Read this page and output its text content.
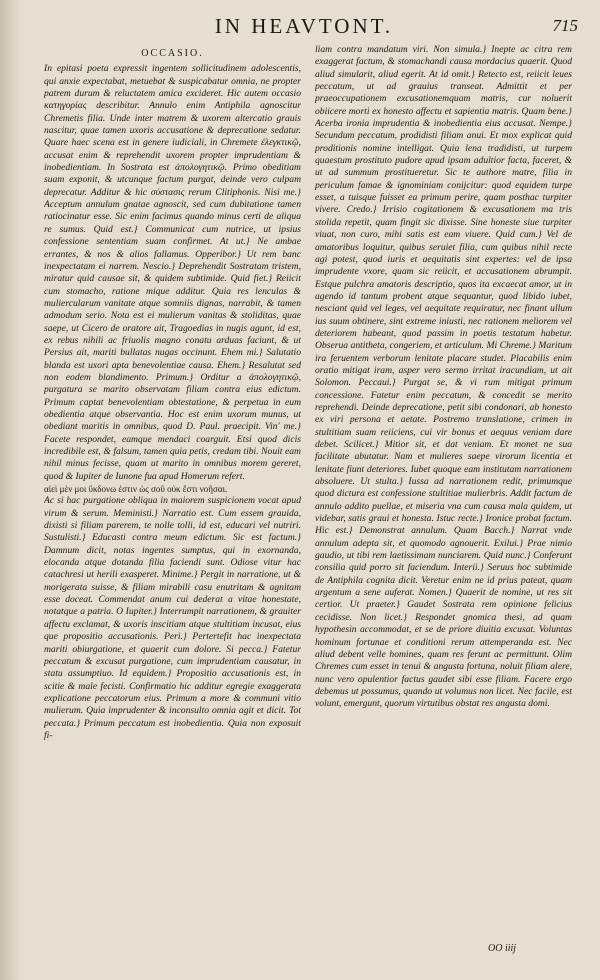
IN HEAVTONT.	715

OCCASIO.

In epitasi poeta expressit ingentem sollicitudinem adolescentis, qui anxie expectabat, metuebat & suspicabatur omnia, ne propter patrem durum & reluctatem amica excideret. Hic autem occasio κατηγορίας describitur. Annulo enim Antiphila agnoscitur Chremetis filia. Unde inter matrem & uxorem altercatio grauis nascitur, quae tamen uxoris accusatione & deprecatione sedatur. Quare haec scena est in genere iudiciali, in Chremete ἐλεγκτικῷ, accusat enim & reprehendit uxorem propter imprudentiam & inobedientiam. In Sostrata est ἀπολογητικῷ. Primo obeditiam suam exponit, & utcunque factum purgat, deinde vero culpam deprecatur. Additur & hic σύστασις rerum Clitiphonis. Nisi me.} Acceptum annulum gnatae agnoscit, sed cum dubitatione tamen ratiocinatur esse. Sic enim facimus quando minus certi de aliqua re sumus. Quid est.} Communicat cum nutrice, ut ipsius confessione sententiam suam confirmet. At ut.} Ne ambae errantes, & nos & alios fallamus. Opperibor.} Ut rem banc inexpectatam ei narrem. Nescio.} Deprehendit Sostratam tristem, miratur quid causae sit, & quidem subtimide. Quid fiet.} Reiicit cum stomacho, ratione mique additur. Quia res lenculas & muliercularum vanitate atque somniis dignas, narrabit, & tamen admodum serio. Nota est ei mulierum vanitas & stoliditas, quae saepe, ut Cicero de oratore ait, Tragoedias in nugis agunt, id est, ex rebus nihili ac friuolis magno conatu arduas faciunt, & ut Persius ait, mariti bullatas nugas occinunt. Ehem mi.} Salutatio blanda est uxori apta benevolentiae causa. Ehem.} Resalutat sed non eodem blandimento. Primum.} Orditur a ἀπολογητικῷ, purgatura se marito observatam filiam contra eius edictum. Primum captat benevolentiam obtestatione, & perpetua in eum obedientia atque observantia. Hoc est enim uxorum munus, ut obediant maritis in omnibus, quod D. Paul. praecipit. Vin' me.} Facete respondet, eamque mendaci coarguit. Etsi quod dicis incredibile est, & falsum, tamen quia petis, credam tibi. Nouit eam nihil minus fecisse, quam ut marito in omnibus morem gereret, quod & Iupiter de Iunone fua apud Homerum refert.

αἰεὶ μὲν μοι ὕκδονω ἐστιν ὡς σοῦ οὐκ ἔστι νοῆσαι.

Ac si hac purgatione obliqua in maiorem suspicionem vocat apud virum & serum. Meministi.} Narratio est. Cum essem grauida, dixisti si filiam parerem, te nolle tolli, id est, educari vel nutriri. Sustulisti.} Educasti contra meum edictum. Sic est factum.} Damnum dicit, notas ingentes sumptus, qui in exornanda, elocanda atque dotanda filia faciendi sunt. Odiose vitur hac catachresi ut herili exasperet. Minime.} Pergit in narratione, ut & morigerata suisse, & filiam mirabili casu enutritam & agnitam esse doceat. Commendat anum cui dederat a vitae honestate, notatque a patria. O Iupiter.} Interrumpit narrationem, & grauiter affectu exclamat, & uxoris inscitiam atque stultitiam incusat, eius que propositio accusationis. Peri.} Pertertefit hac inexpectata mariti obiurgatione, et quaerit cum dolore. Si pecca.} Fatetur peccatum & excusat purgatione, cum imprudentiam causatur, in statu assumptiuo. Id equidem.} Propositio accusationis est, in scitie & male fecisti. Confirmatio hic additur egregie exaggerata explicatione peccatorum eius. Primum a more & communi vitio mulierum. Quia imprudenter & inconsulto omnia agit et dicit. Tot peccata.} Primum peccatum est inobedientia. Quia non exposuit fi-

liam contra mandatum viri. Non simula.} Inepte ac citra rem exaggerat factum, & stomachandi causa mordacius quaerit. Quod aliud simularit, aliud egerit. At id omit.} Retecto est, reiicit leues peccatum, ut ad grauius transeat. Admittit et per praeoccupationem excusationemquam matris, cur noluerit obiicere morti ex honesto affectu et sapientia matris. Quam bene.} Acerba ironia imprudentia & inobedientia eius accusat. Nempe.} Secundum peccatum, prodidisti filiam anui. Et mox explicat quid proditionis nomine intelligat. Quia lena tradidisti, ut turpem quaestum prostituto pudore apud ipsam adultior facta, faceret, & ut ad summum prostitueretur. Sic te authore matre, filia in periculum famae & ignominiam conijcitur: quod equidem turpe esset, a tuisque fuisset ea primum perire, quam posthac turpiter vivere. Credo.} Irrisio cogitationem & excusationem ma tris stolida repetit, quam fingit sic dixisse. Sine honeste siue turpiter viuat, non curo, mihi satis est eam viuere. Quid cum.} Vel de amatoribus loquitur, quibus seruiet filia, cum quibus nihil recte agi potest, quod iuris et aequitatis sint expertes: vel de ipsa imprudente vxore, quam sic reiicit, et accusationem abrumpit. Estque pulchra amatoris descriptio, quos ita excaecat amor, ut in agendo id tantum probent atque sequantur, quod libido iubet, nesciant quid vel leges, vel aequitate requiratur, nec finant ullum ius suum obtinere, sint extreme iniusti, nec rationem meliorem vel deteriorem habeant, quod passim in poetis testatum habetur. Obserua antitheta, congeriem, et articulum. Mi Chreme.} Maritum ira feruentem verborum lenitate placare studet. Placabilis enim oratio mitigat iram, asper vero sermo irritat iracundiam, ut ait Solomon. Peccaui.} Purgat se, & vi rum mitigat primum concessione. Fatetur enim peccatum, & concedit se merito reprehendi. Deinde deprecatione, petit sibi condonari, ab honesto ex viri persona et aetate. Postremo translatione, crimen in stultitiam suam reiiciens, cui vir bonus et aequus veniam dare debet. Scilicet.} Mitior sit, et dat veniam. Et monet ne sua facilitate abutatur. Nam et mulieres saepe virorum licentia et lenitate fiunt deteriores. Iubet quoque eam institutam narrationem absoluere. Ut stulta.} Iussa ad narrationem redit, primumque quod dictura est confessione stultitiae mulierbris. Addit factum de annulo addito puellae, et miseria vna cum causa mala quidem, ut videbar, satis graui et honesta. Istuc recte.} Ironice probat factum. Hic est.} Demonstrat annulum. Quam Bacch.} Narrat vnde annulum adepta sit, et quomodo agnouerit. Exilui.} Prae nimio gaudio, ut tibi rem laetissimam nunciarem. Quid nunc.} Conferunt consilia quid porro sit faciendum. Interii.} Seruus hoc subtimide de Antiphila cognita dicit. Veretur enim ne id prius pateat, quam argentum a sene auferat. Nomen.} Quaerit de nomine, ut res sit certior. Ut praeter.} Gaudet Sostrata rem opinione felicius cecidisse. Non licet.} Respondet gnomica thesi, ad quam hypothesin accommodat, et se de priore diuitia excusat. Voluntas hominum fortunae et conditioni rerum attemperanda est. Nec aliud debent velle homines, quam res ferunt ac permittunt. Olim Chremes cum esset in tenui & angusta fortuna, noluit filiam alere, nunc vero opulentior factus gaudet sibi esse filiam. Facere ergo debemus ut possumus, quando ut volumus non licet. Nec facile, est volunt, emergunt, quorum virtutibus obstat res angusta domi.

OO iiij
